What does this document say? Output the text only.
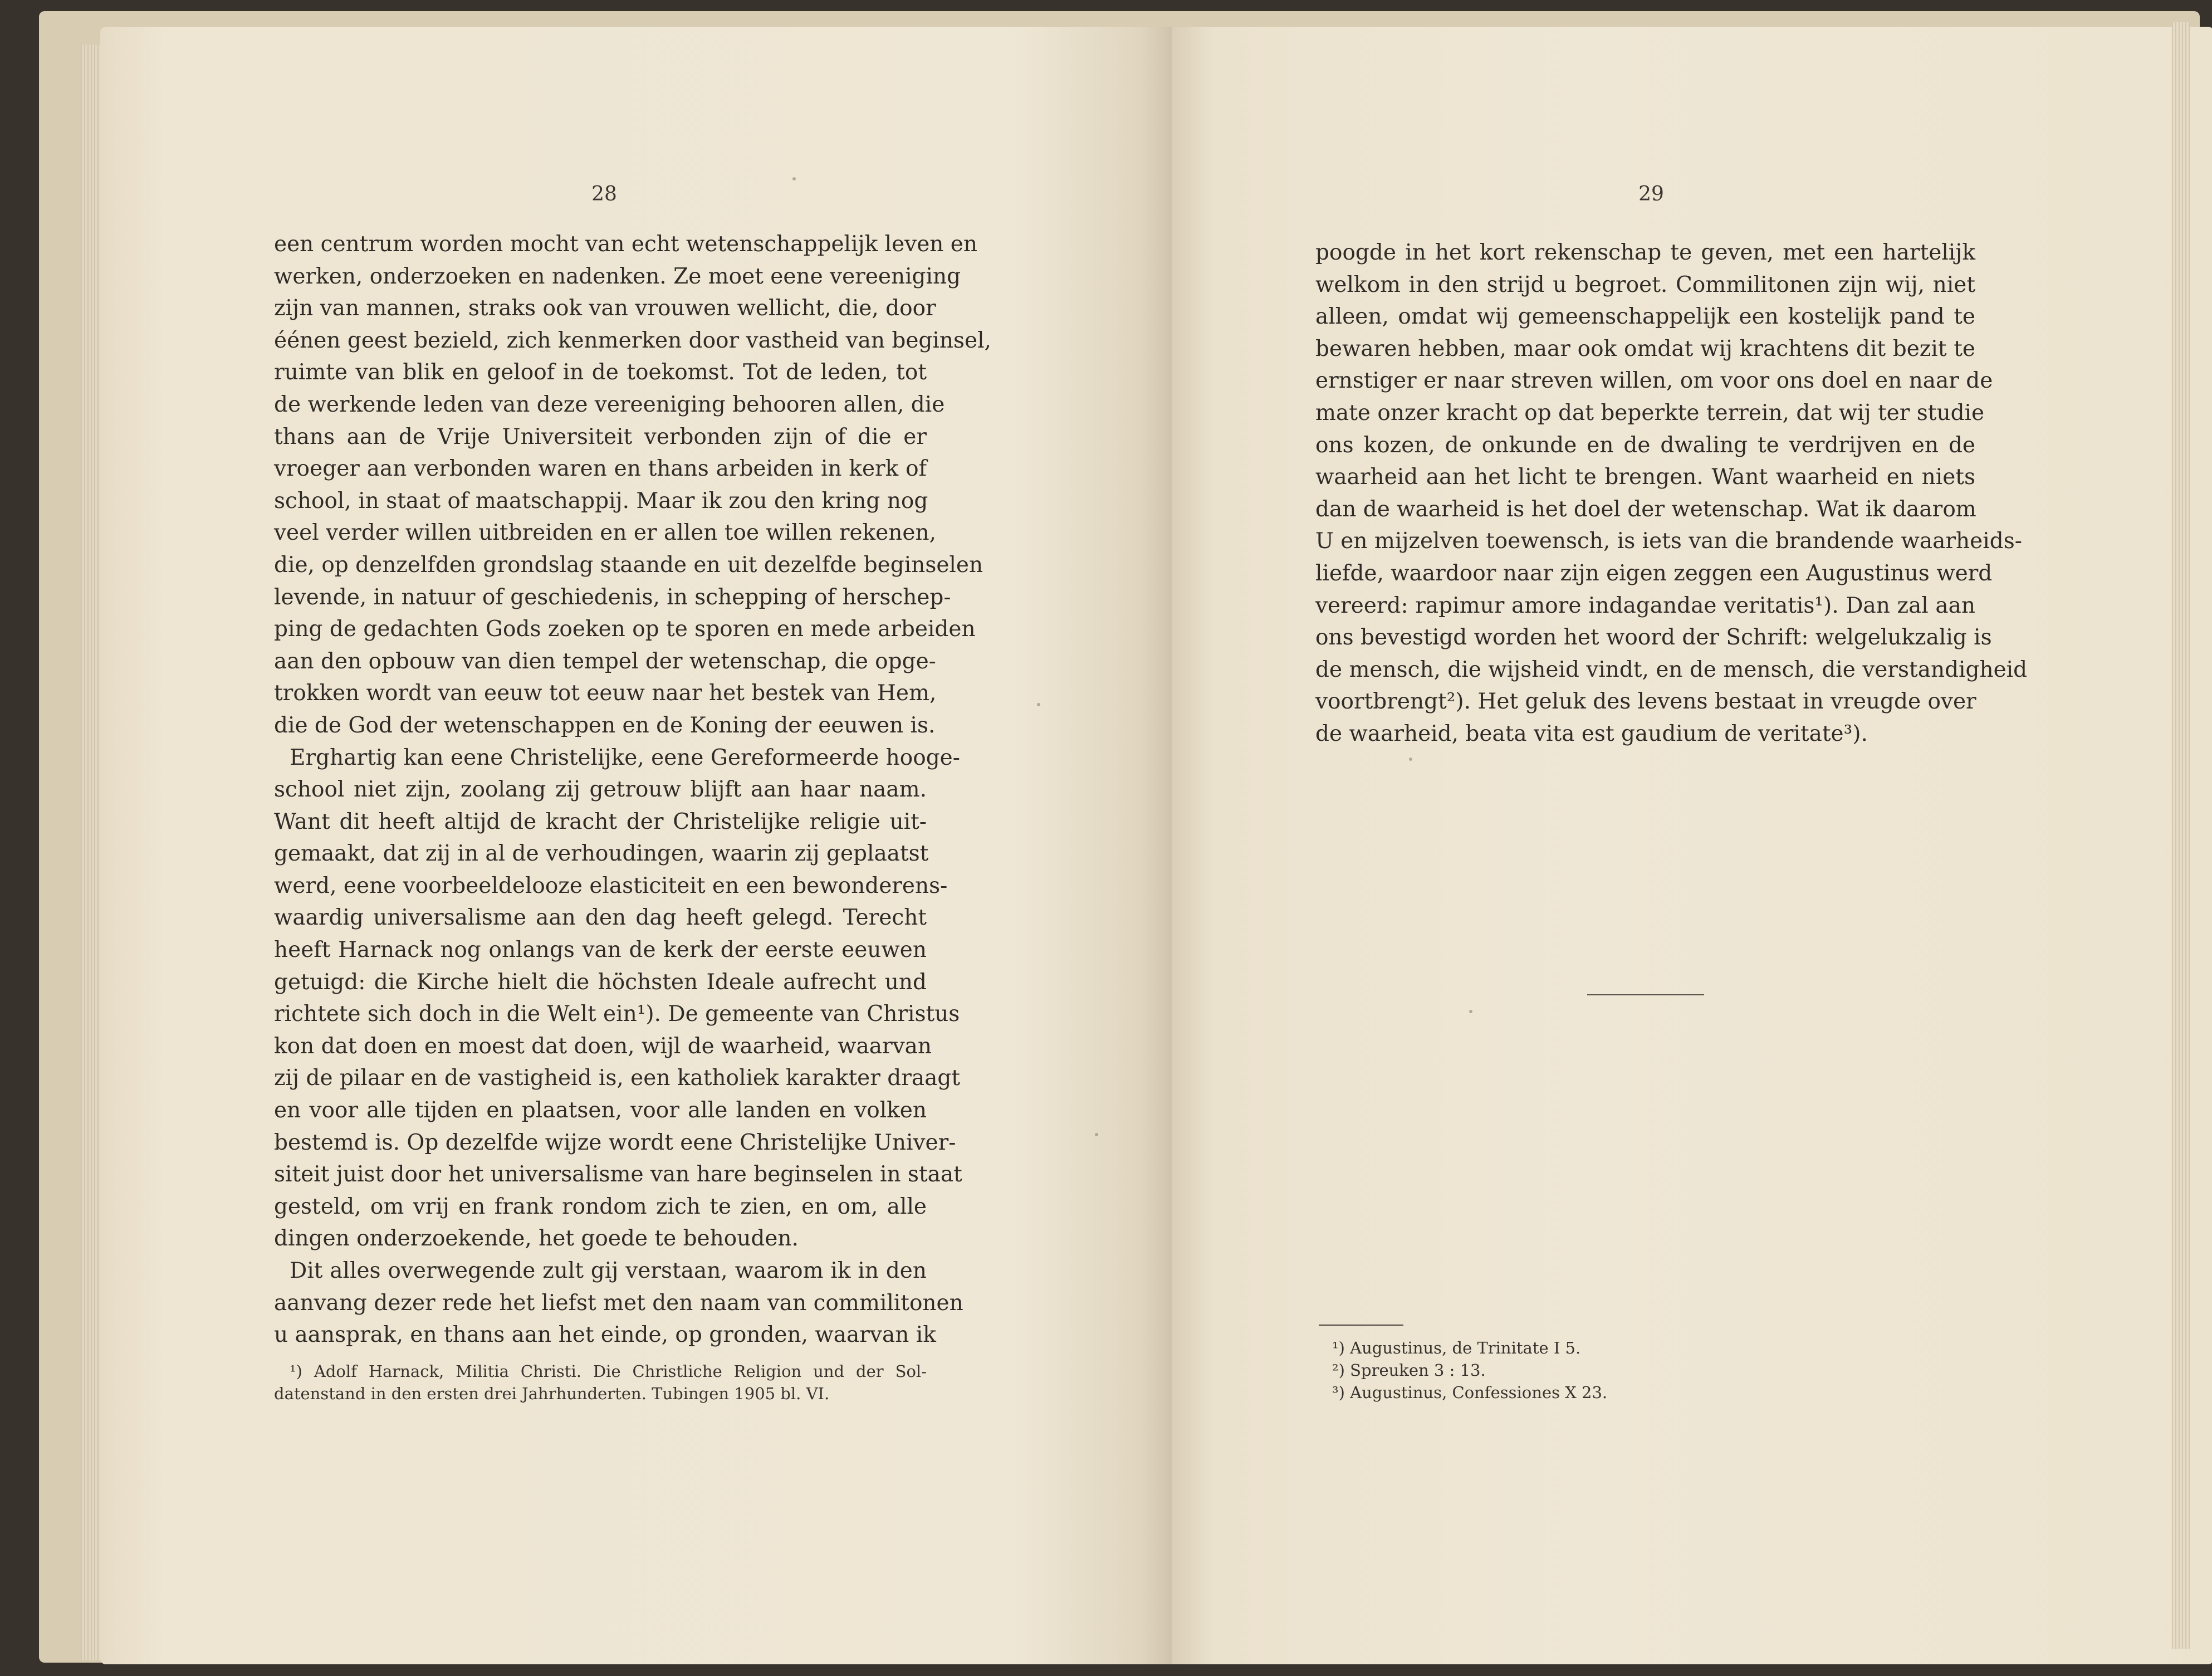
28
een centrum worden mocht van echt wetenschappelijk leven en
werken, onderzoeken en nadenken. Ze moet eene vereeniging
zijn van mannen, straks ook van vrouwen wellicht, die, door
éénen geest bezield, zich kenmerken door vastheid van beginsel,
ruimte van blik en geloof in de toekomst. Tot de leden, tot
de werkende leden van deze vereeniging behooren allen, die
thans aan de Vrije Universiteit verbonden zijn of die er
vroeger aan verbonden waren en thans arbeiden in kerk of
school, in staat of maatschappij. Maar ik zou den kring nog
veel verder willen uitbreiden en er allen toe willen rekenen,
die, op denzelfden grondslag staande en uit dezelfde beginselen
levende, in natuur of geschiedenis, in schepping of herschep-
ping de gedachten Gods zoeken op te sporen en mede arbeiden
aan den opbouw van dien tempel der wetenschap, die opge-
trokken wordt van eeuw tot eeuw naar het bestek van Hem,
die de God der wetenschappen en de Koning der eeuwen is.
Erghartig kan eene Christelijke, eene Gereformeerde hooge-
school niet zijn, zoolang zij getrouw blijft aan haar naam.
Want dit heeft altijd de kracht der Christelijke religie uit-
gemaakt, dat zij in al de verhoudingen, waarin zij geplaatst
werd, eene voorbeeldelooze elasticiteit en een bewonderens-
waardig universalisme aan den dag heeft gelegd. Terecht
heeft Harnack nog onlangs van de kerk der eerste eeuwen
getuigd: die Kirche hielt die höchsten Ideale aufrecht und
richtete sich doch in die Welt ein¹). De gemeente van Christus
kon dat doen en moest dat doen, wijl de waarheid, waarvan
zij de pilaar en de vastigheid is, een katholiek karakter draagt
en voor alle tijden en plaatsen, voor alle landen en volken
bestemd is. Op dezelfde wijze wordt eene Christelijke Univer-
siteit juist door het universalisme van hare beginselen in staat
gesteld, om vrij en frank rondom zich te zien, en om, alle
dingen onderzoekende, het goede te behouden.
Dit alles overwegende zult gij verstaan, waarom ik in den
aanvang dezer rede het liefst met den naam van commilitonen
u aansprak, en thans aan het einde, op gronden, waarvan ik
¹) Adolf Harnack, Militia Christi. Die Christliche Religion und der Sol-
datenstand in den ersten drei Jahrhunderten. Tubingen 1905 bl. VI.
29
poogde in het kort rekenschap te geven, met een hartelijk
welkom in den strijd u begroet. Commilitonen zijn wij, niet
alleen, omdat wij gemeenschappelijk een kostelijk pand te
bewaren hebben, maar ook omdat wij krachtens dit bezit te
ernstiger er naar streven willen, om voor ons doel en naar de
mate onzer kracht op dat beperkte terrein, dat wij ter studie
ons kozen, de onkunde en de dwaling te verdrijven en de
waarheid aan het licht te brengen. Want waarheid en niets
dan de waarheid is het doel der wetenschap. Wat ik daarom
U en mijzelven toewensch, is iets van die brandende waarheids-
liefde, waardoor naar zijn eigen zeggen een Augustinus werd
vereerd: rapimur amore indagandae veritatis¹). Dan zal aan
ons bevestigd worden het woord der Schrift: welgelukzalig is
de mensch, die wijsheid vindt, en de mensch, die verstandigheid
voortbrengt²). Het geluk des levens bestaat in vreugde over
de waarheid, beata vita est gaudium de veritate³).
¹) Augustinus, de Trinitate I 5.
²) Spreuken 3 : 13.
³) Augustinus, Confessiones X 23.
